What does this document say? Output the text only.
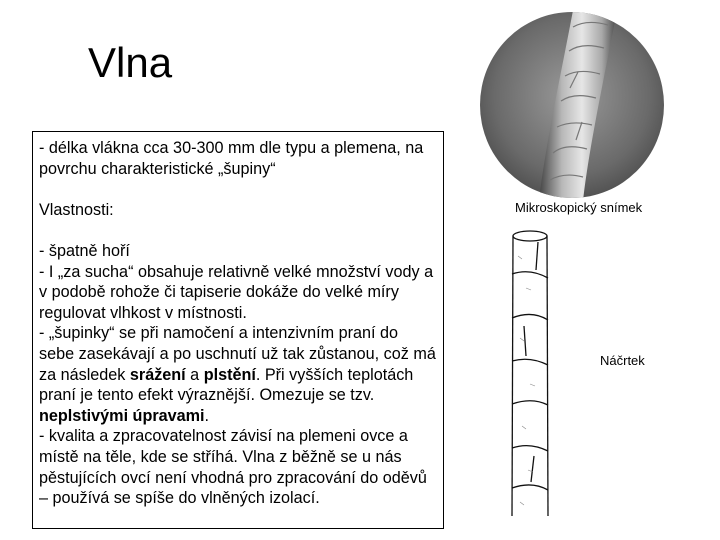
Vlna

- délka vlákna cca 30-300 mm dle typu a plemena, na povrchu charakteristické „šupiny“

Vlastnosti:

- špatně hoří

- I „za sucha“ obsahuje relativně velké množství vody a v podobě rohože či tapiserie dokáže do velké míry regulovat vlhkost v místnosti.

- „šupinky“ se při namočení a intenzivním praní do sebe zasekávají a po uschnutí už tak zůstanou, což má za následek srážení a plstění. Při vyšších teplotách praní je tento efekt výraznější. Omezuje se tzv. neplstivými úpravami.

- kvalita a zpracovatelnost závisí na plemeni ovce a místě na těle, kde se stříhá. Vlna z běžně se u nás pěstujících ovcí není vhodná pro zpracování do oděvů – používá se spíše do vlněných izolací.

Mikroskopický snímek
Náčrtek
